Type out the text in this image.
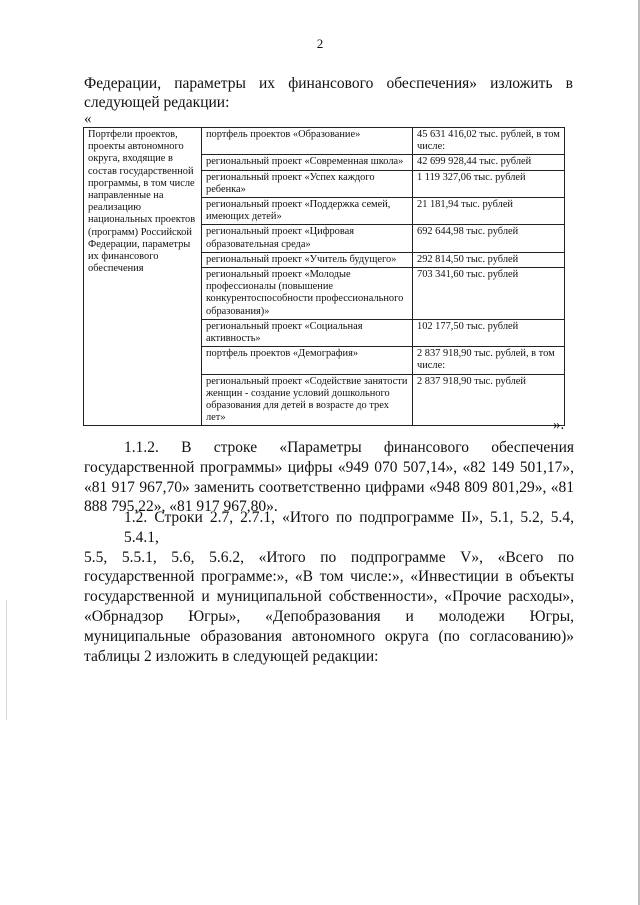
2
Федерации, параметры их финансового обеспечения» изложить в
следующей редакции:
«
Портфели проектов, проекты автономного округа, входящие в состав государственной программы, в том числе направленные на реализацию национальных проектов (программ) Российской Федерации, параметры их финансового обеспечения	портфель проектов «Образование»	45 631 416,02 тыс. рублей, в том числе:
	региональный проект «Современная школа»	42 699 928,44 тыс. рублей
	региональный проект «Успех каждого ребенка»	1 119 327,06 тыс. рублей
	региональный проект «Поддержка семей, имеющих детей»	21 181,94 тыс. рублей
	региональный проект «Цифровая образовательная среда»	692 644,98 тыс. рублей
	региональный проект «Учитель будущего»	292 814,50 тыс. рублей
	региональный проект «Молодые профессионалы (повышение конкурентоспособности профессионального образования)»	703 341,60 тыс. рублей
	региональный проект «Социальная активность»	102 177,50 тыс. рублей
	портфель проектов «Демография»	2 837 918,90 тыс. рублей, в том числе:
	региональный проект «Содействие занятости женщин - создание условий дошкольного образования для детей в возрасте до трех лет»	2 837 918,90 тыс. рублей
».
1.1.2. В строке «Параметры финансового обеспечения
государственной программы» цифры «949 070 507,14», «82 149 501,17», «81 917 967,70» заменить соответственно цифрами «948 809 801,29», «81 888 795,22», «81 917 967,80».
1.2. Строки 2.7, 2.7.1, «Итого по подпрограмме II», 5.1, 5.2, 5.4, 5.4.1,
5.5, 5.5.1, 5.6, 5.6.2, «Итого по подпрограмме V», «Всего по государственной программе:», «В том числе:», «Инвестиции в объекты государственной и муниципальной собственности», «Прочие расходы», «Обрнадзор Югры», «Депобразования и молодежи Югры, муниципальные образования автономного округа (по согласованию)» таблицы 2 изложить в следующей редакции:
